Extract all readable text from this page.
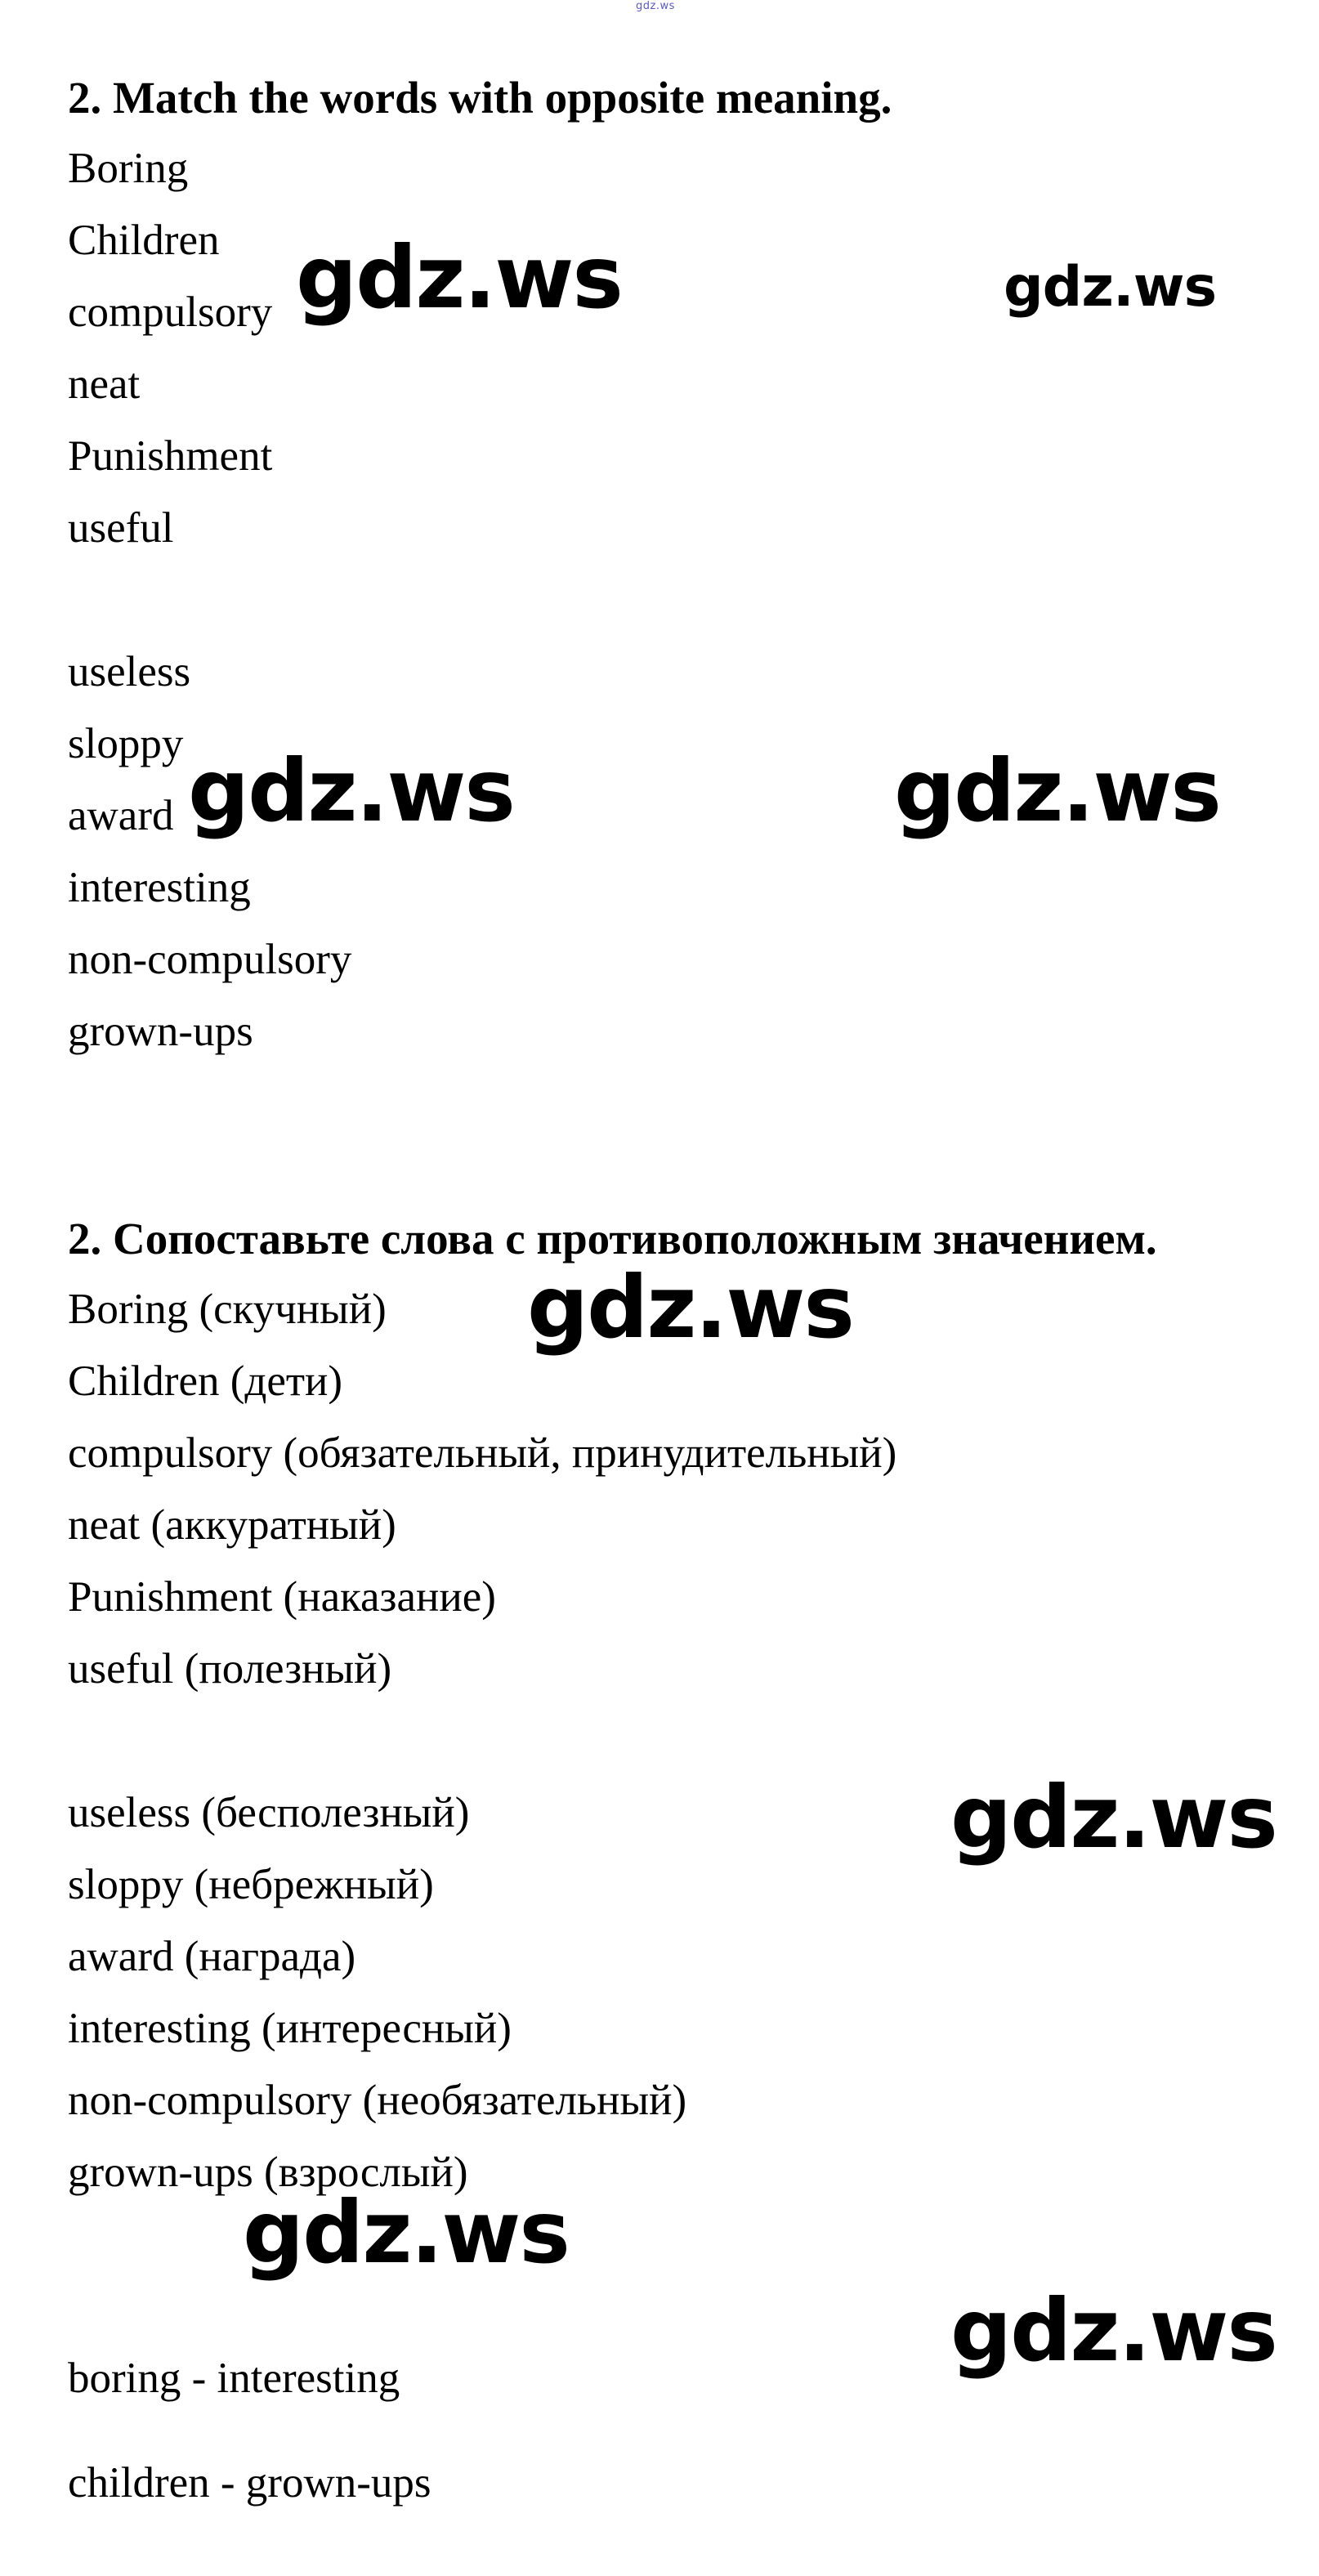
gdz.ws
2. Match the words with opposite meaning.
Boring
Children
compulsory
neat
Punishment
useful
useless
sloppy
award
interesting
non-compulsory
grown-ups
2. Сопоставьте слова с противоположным значением.
Boring (скучный)
Children (дети)
compulsory (обязательный, принудительный)
neat (аккуратный)
Punishment (наказание)
useful (полезный)
useless (бесполезный)
sloppy (небрежный)
award (награда)
interesting (интересный)
non-compulsory (необязательный)
grown-ups (взрослый)
boring - interesting
children - grown-ups
gdz.ws	gdz.ws
gdz.ws	gdz.ws
gdz.ws
gdz.ws
gdz.ws
gdz.ws
